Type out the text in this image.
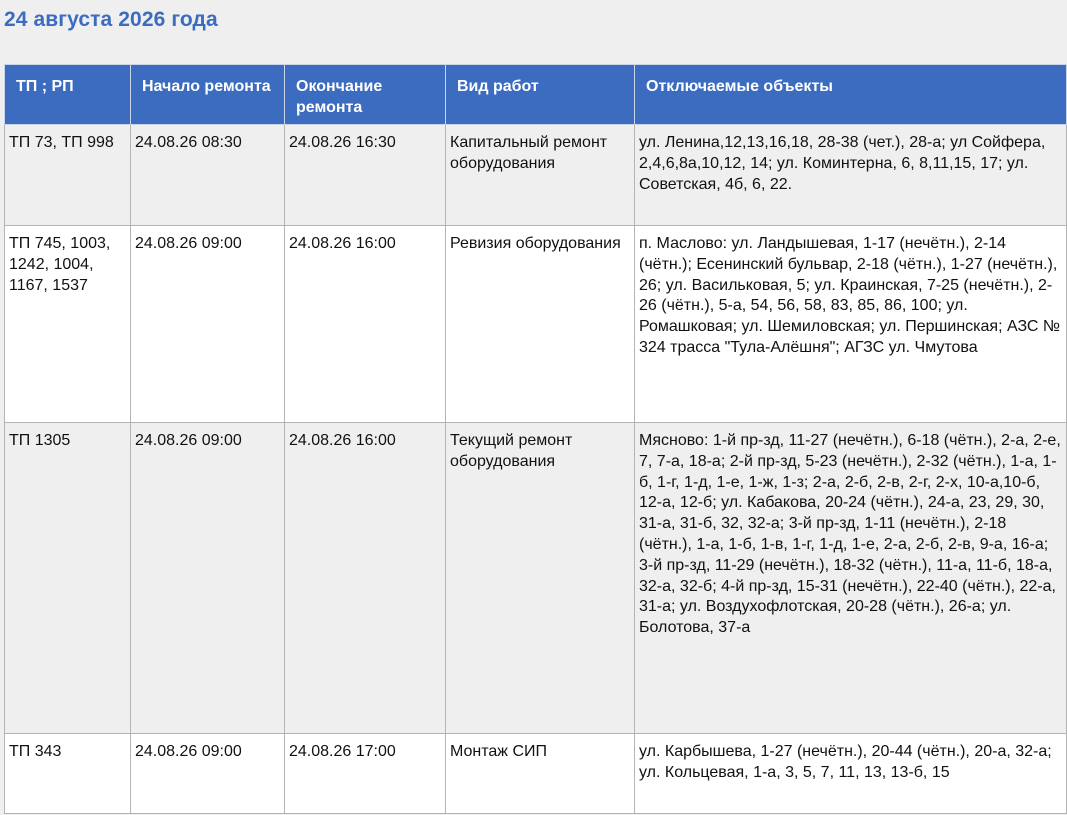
24 августа 2026 года
ТП ; РП	Начало ремонта	Окончание ремонта	Вид работ	Отключаемые объекты
ТП 73, ТП 998	24.08.26 08:30	24.08.26 16:30	Капитальный ремонт оборудования	ул. Ленина,12,13,16,18, 28-38 (чет.), 28-а; ул Сойфера, 2,4,6,8а,10,12, 14; ул. Коминтерна, 6, 8,11,15, 17; ул. Советская, 4б, 6, 22.
ТП 745, 1003, 1242, 1004, 1167, 1537	24.08.26 09:00	24.08.26 16:00	Ревизия оборудования	п. Маслово: ул. Ландышевая, 1-17 (нечётн.), 2-14 (чётн.); Есенинский бульвар, 2-18 (чётн.), 1-27 (нечётн.), 26; ул. Васильковая, 5; ул. Краинская, 7-25 (нечётн.), 2-26 (чётн.), 5-а, 54, 56, 58, 83, 85, 86, 100; ул. Ромашковая; ул. Шемиловская; ул. Першинская; АЗС № 324 трасса "Тула-Алёшня"; АГЗС ул. Чмутова
ТП 1305	24.08.26 09:00	24.08.26 16:00	Текущий ремонт оборудования	Мясново: 1-й пр-зд, 11-27 (нечётн.), 6-18 (чётн.), 2-а, 2-е, 7, 7-а, 18-а; 2-й пр-зд, 5-23 (нечётн.), 2-32 (чётн.), 1-а, 1-б, 1-г, 1-д, 1-е, 1-ж, 1-з; 2-а, 2-б, 2-в, 2-г, 2-х, 10-а,10-б, 12-а, 12-б; ул. Кабакова, 20-24 (чётн.), 24-а, 23, 29, 30, 31-а, 31-б, 32, 32-а; 3-й пр-зд, 1-11 (нечётн.), 2-18 (чётн.), 1-а, 1-б, 1-в, 1-г, 1-д, 1-е, 2-а, 2-б, 2-в, 9-а, 16-а; 3-й пр-зд, 11-29 (нечётн.), 18-32 (чётн.), 11-а, 11-б, 18-а, 32-а, 32-б; 4-й пр-зд, 15-31 (нечётн.), 22-40 (чётн.), 22-а, 31-а; ул. Воздухофлотская, 20-28 (чётн.), 26-а; ул. Болотова, 37-а
ТП 343	24.08.26 09:00	24.08.26 17:00	Монтаж СИП	ул. Карбышева, 1-27 (нечётн.), 20-44 (чётн.), 20-а, 32-а; ул. Кольцевая, 1-а, 3, 5, 7, 11, 13, 13-б, 15
